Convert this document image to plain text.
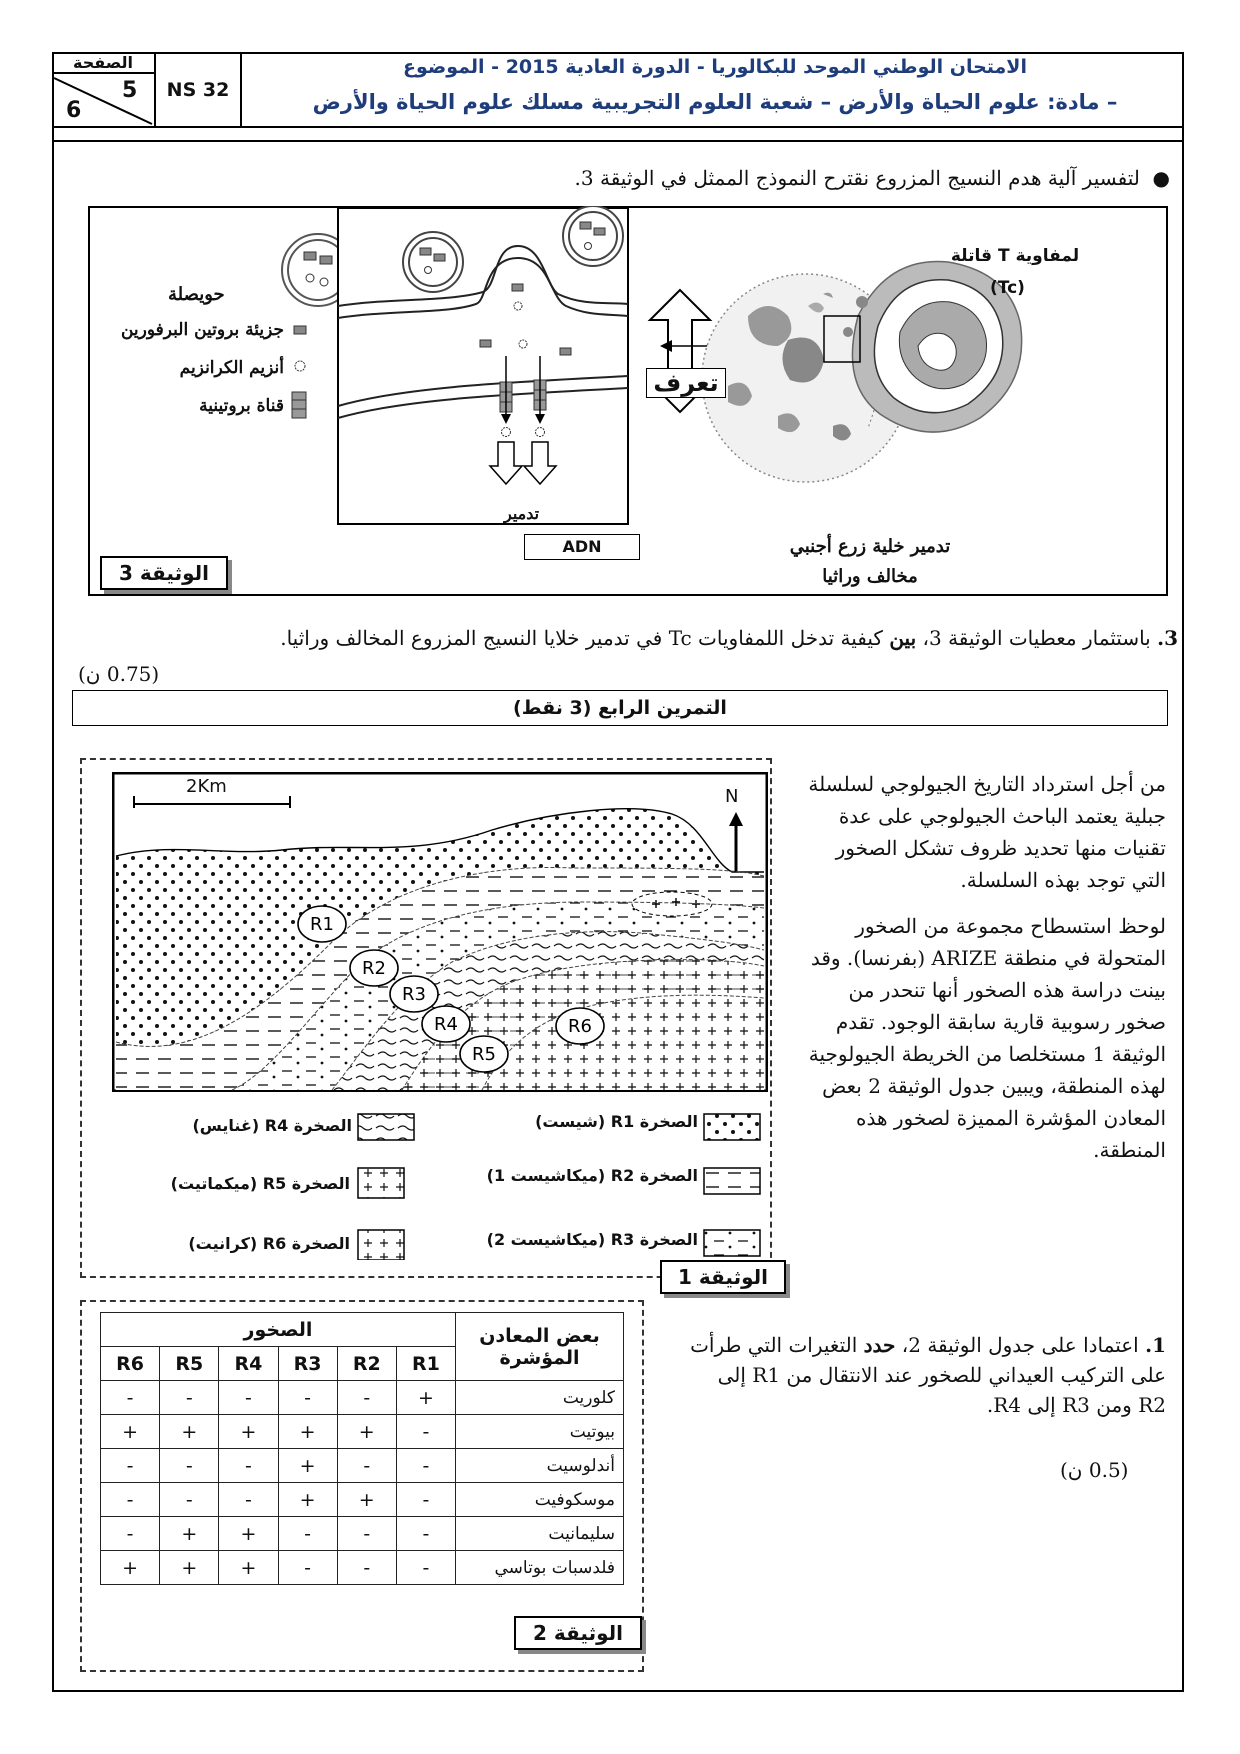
الصفحة
5
6
NS 32
الامتحان الوطني الموحد للبكالوريا - الدورة العادية 2015 - الموضوع
– مادة: علوم الحياة والأرض – شعبة العلوم التجريبية مسلك علوم الحياة والأرض
●  لتفسير آلية هدم النسيج المزروع نقترح النموذج الممثل في الوثيقة 3.
حويصلة
جزيئة بروتين البرفورين
أنزيم الكرانزيم
قناة بروتينية
تعرف
تدمير
ADN
لمفاوية T قاتلة
(Tc)
تدمير خلية زرع أجنبي
مخالف وراثيا
الوثيقة 3
3. باستثمار معطيات الوثيقة 3، بين كيفية تدخل اللمفاويات Tc في تدمير خلايا النسيج المزروع المخالف وراثيا.
(0.75 ن)
التمرين الرابع (3 نقط)
R1
R2
R3
R4
R5
R6
2Km	N
الصخرة R1 (شيست)
الصخرة R2 (ميكاشيست 1)
الصخرة R3 (ميكاشيست 2)
الصخرة R4 (غنايس)
الصخرة R5 (ميكماتيت)
الصخرة R6 (كرانيت)
الوثيقة 1

من أجل استرداد التاريخ الجيولوجي لسلسلة جبلية يعتمد الباحث الجيولوجي على عدة تقنيات منها تحديد ظروف تشكل الصخور التي توجد بهذه السلسلة.

لوحظ استسطاح مجموعة من الصخور المتحولة في منطقة ARIZE (بفرنسا). وقد بينت دراسة هذه الصخور أنها تنحدر من صخور رسوبية قارية سابقة الوجود. تقدم الوثيقة 1 مستخلصا من الخريطة الجيولوجية لهذه المنطقة، ويبين جدول الوثيقة 2 بعض المعادن المؤشرة المميزة لصخور هذه المنطقة.

بعض المعادن المؤشرة	الصخور					
	R1	R2	R3	R4	R5	R6
كلوريت	+	-	-	-	-	-
بيوتيت	-	+	+	+	+	+
أندلوسيت	-	-	+	-	-	-
موسكوفيت	-	+	+	-	-	-
سليمانيت	-	-	-	+	+	-
فلدسبات بوتاسي	-	-	-	+	+	+
الوثيقة 2
1. اعتمادا على جدول الوثيقة 2، حدد التغيرات التي طرأت على التركيب العيداني للصخور عند الانتقال من R1 إلى R2 ومن R3 إلى R4.
(0.5 ن)
